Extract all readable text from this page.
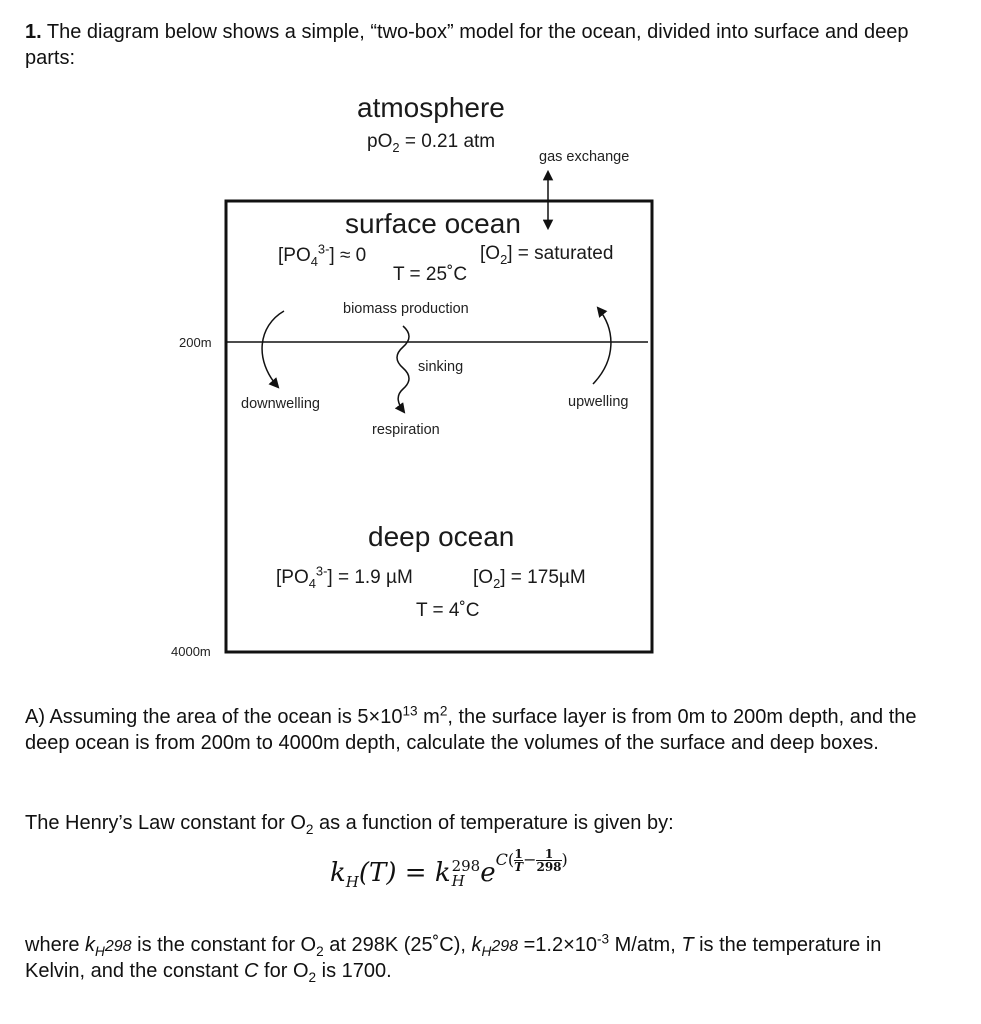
1. The diagram below shows a simple, “two-box” model for the ocean, divided into surface and deep parts:

atmosphere
$pO_2 = 0.21$ atm
gas exchange
surface ocean
$[PO_4^{3-}] \approx 0$	$[O_2]$ = saturated
T = 25˚C
biomass production
sinking
respiration
downwelling	upwelling
deep ocean
$[PO_4^{3-}] = 1.9$ µM	$[O_2] = 175\mu M$
T = 4˚C
200m
4000m

A) Assuming the area of the ocean is $5\times 10^{13}$ $m^2$, the surface layer is from 0m to 200m depth, and the deep ocean is from 200m to 4000m depth, calculate the volumes of the surface and deep boxes.

The Henry’s Law constant for $O_2$ as a function of temperature is given by:

$k_H(T) = k$ 298
H $eC( \frac{1}{T} - \frac{1}{298}$ )

where $k_H298$ is the constant for $O_2$ at 298K (25˚C), $k_H298 =1.2\times 10^{-3}$ M/atm, T is the temperature in Kelvin, and the constant C for $O_2$ is 1700.
